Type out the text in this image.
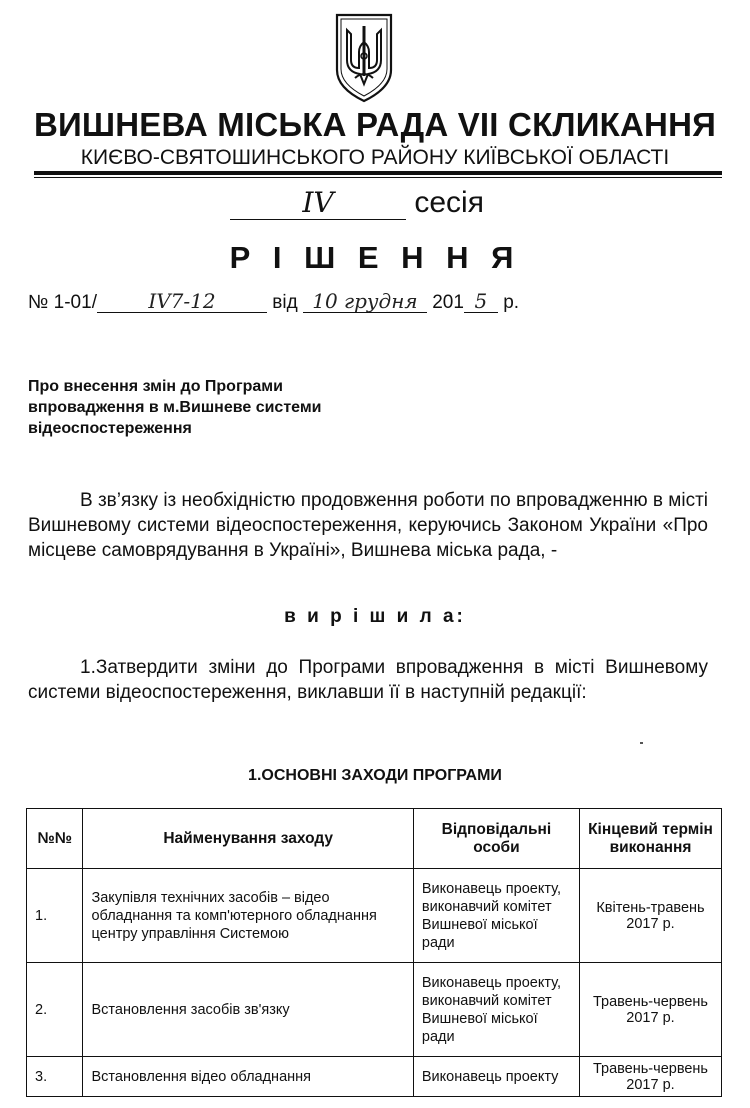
ВИШНЕВА МІСЬКА РАДА VII СКЛИКАННЯ
КИЄВО-СВЯТОШИНСЬКОГО РАЙОНУ КИЇВСЬКОЇ ОБЛАСТІ
IV	сесія
Р І Ш Е Н Н Я
№ 1-01/	IV7-12	від 10 грудня 201 5 р.
Про внесення змін до Програми
впровадження в м.Вишневе системи
відеоспостереження
В зв’язку із необхідністю продовження роботи по впровадженню в місті Вишневому системи відеоспостереження, керуючись Законом України «Про місцеве самоврядування в Україні», Вишнева міська рада, -
в и р і ш и л а:
1.Затвердити зміни до Програми впровадження в місті Вишневому системи відеоспостереження, виклавши її в наступній редакції:
1.ОСНОВНІ ЗАХОДИ ПРОГРАМИ
№№	Найменування заходу	Відповідальні особи	Кінцевий термін виконання
1.	Закупівля технічних засобів – відео обладнання та комп'ютерного обладнання центру управління Системою	Виконавець проекту, виконавчий комітет Вишневої міської ради	Квітень-травень 2017 р.
2.	Встановлення засобів зв'язку	Виконавець проекту, виконавчий комітет Вишневої міської ради	Травень-червень 2017 р.
3.	Встановлення відео обладнання	Виконавець проекту	Травень-червень 2017 р.
